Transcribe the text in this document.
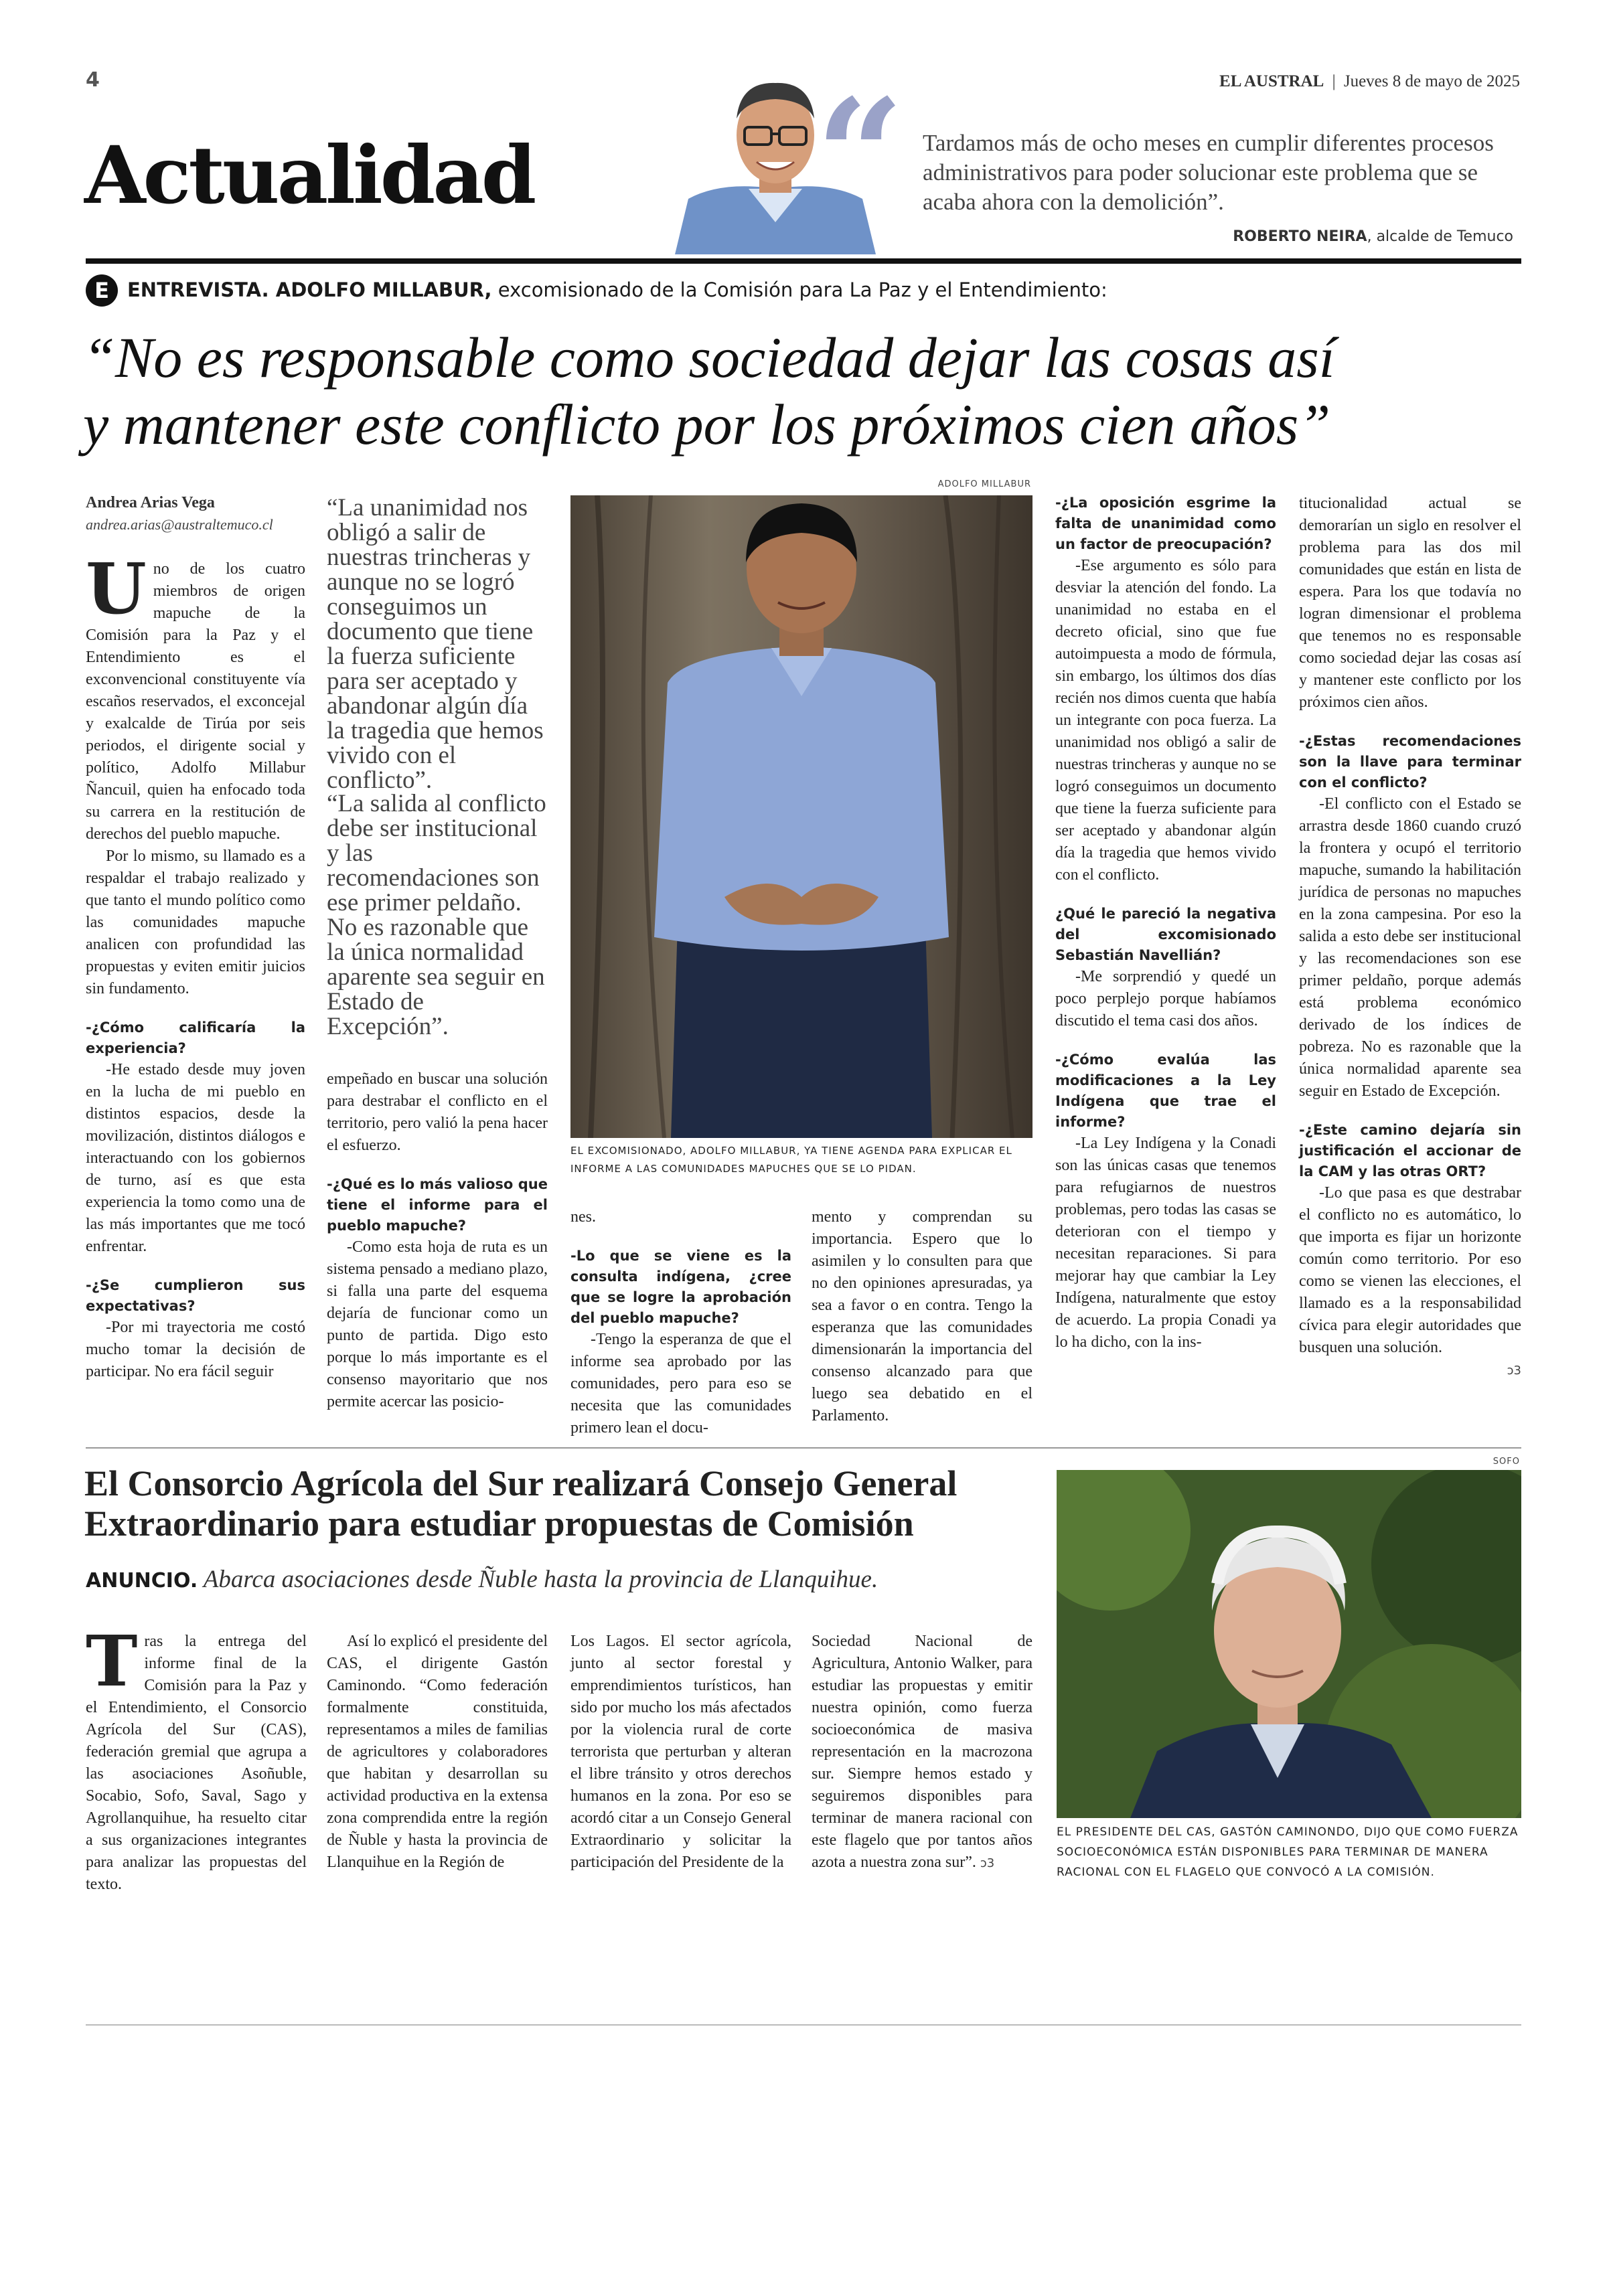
4	EL AUSTRAL | Jueves 8 de mayo de 2025
Actualidad “ Tardamos más de ocho meses en cumplir diferentes procesos administrativos para poder solucionar este problema que se acaba ahora con la demolición”.
ROBERTO NEIRA, alcalde de Temuco
E ENTREVISTA. ADOLFO MILLABUR, excomisionado de la Comisión para La Paz y el Entendimiento:
“No es responsable como sociedad dejar las cosas así
y mantener este conflicto por los próximos cien años”
Andrea Arias Vega
andrea.arias@australtemuco.cl

Uno de los cuatro miembros de origen mapuche de la Comisión para la Paz y el Entendimiento es el exconvencional constituyente vía escaños reservados, el exconcejal y exalcalde de Tirúa por seis periodos, el dirigente social y político, Adolfo Millabur Ñancuil, quien ha enfocado toda su carrera en la restitución de derechos del pueblo mapuche.

Por lo mismo, su llamado es a respaldar el trabajo realizado y que tanto el mundo político como las comunidades mapuche analicen con profundidad las propuestas y eviten emitir juicios sin fundamento.

-¿Cómo calificaría la experiencia?

-He estado desde muy joven en la lucha de mi pueblo en distintos espacios, desde la movilización, distintos diálogos e interactuando con los gobiernos de turno, así es que esta experiencia la tomo como una de las más importantes que me tocó enfrentar.

-¿Se cumplieron sus expectativas?

-Por mi trayectoria me costó mucho tomar la decisión de participar. No era fácil seguir

“La unanimidad nos obligó a salir de nuestras trincheras y aunque no se logró conseguimos un documento que tiene la fuerza suficiente para ser aceptado y abandonar algún día la tragedia que hemos vivido con el conflicto”.
“La salida al conflicto debe ser institucional y las recomendaciones son ese primer peldaño. No es razonable que la única normalidad aparente sea seguir en Estado de Excepción”.

empeñado en buscar una solución para destrabar el conflicto en el territorio, pero valió la pena hacer el esfuerzo.

-¿Qué es lo más valioso que tiene el informe para el pueblo mapuche?

-Como esta hoja de ruta es un sistema pensado a mediano plazo, si falla una parte del esquema dejaría de funcionar como un punto de partida. Digo esto porque lo más importante es el consenso mayoritario que nos permite acercar las posicio-

ADOLFO MILLABUR
EL EXCOMISIONADO, ADOLFO MILLABUR, YA TIENE AGENDA PARA EXPLICAR EL INFORME A LAS COMUNIDADES MAPUCHES QUE SE LO PIDAN.

nes.

-Lo que se viene es la consulta indígena, ¿cree que se logre la aprobación del pueblo mapuche?

-Tengo la esperanza de que el informe sea aprobado por las comunidades, pero para eso se necesita que las comunidades primero lean el docu-

mento y comprendan su importancia. Espero que lo asimilen y lo consulten para que no den opiniones apresuradas, ya sea a favor o en contra. Tengo la esperanza que las comunidades dimensionarán la importancia del consenso alcanzado para que luego sea debatido en el Parlamento.

-¿La oposición esgrime la falta de unanimidad como un factor de preocupación?

-Ese argumento es sólo para desviar la atención del fondo. La unanimidad no estaba en el decreto oficial, sino que fue autoimpuesta a modo de fórmula, sin embargo, los últimos dos días recién nos dimos cuenta que había un integrante con poca fuerza. La unanimidad nos obligó a salir de nuestras trincheras y aunque no se logró conseguimos un documento que tiene la fuerza suficiente para ser aceptado y abandonar algún día la tragedia que hemos vivido con el conflicto.

¿Qué le pareció la negativa del excomisionado Sebastián Navellián?

-Me sorprendió y quedé un poco perplejo porque habíamos discutido el tema casi dos años.

-¿Cómo evalúa las modificaciones a la Ley Indígena que trae el informe?

-La Ley Indígena y la Conadi son las únicas casas que tenemos para refugiarnos de nuestros problemas, pero todas las casas se deterioran con el tiempo y necesitan reparaciones. Si para mejorar hay que cambiar la Ley Indígena, naturalmente que estoy de acuerdo. La propia Conadi ya lo ha dicho, con la ins-

titucionalidad actual se demorarían un siglo en resolver el problema para las dos mil comunidades que están en lista de espera. Para los que todavía no logran dimensionar el problema que tenemos no es responsable como sociedad dejar las cosas así y mantener este conflicto por los próximos cien años.

-¿Estas recomendaciones son la llave para terminar con el conflicto?

-El conflicto con el Estado se arrastra desde 1860 cuando cruzó la frontera y ocupó el territorio mapuche, sumando la habilitación jurídica de personas no mapuches en la zona campesina. Por eso la salida a esto debe ser institucional y las recomendaciones son ese primer peldaño, porque además está problema económico derivado de los índices de pobreza. No es razonable que la única normalidad aparente sea seguir en Estado de Excepción.

-¿Este camino dejaría sin justificación el accionar de la CAM y las otras ORT?

-Lo que pasa es que destrabar el conflicto no es automático, lo que importa es fijar un horizonte común como territorio. Por eso como se vienen las elecciones, el llamado es a la responsabilidad cívica para elegir autoridades que busquen una solución.

ↄ3

El Consorcio Agrícola del Sur realizará Consejo General
Extraordinario para estudiar propuestas de Comisión
ANUNCIO. Abarca asociaciones desde Ñuble hasta la provincia de Llanquihue.

Tras la entrega del informe final de la Comisión para la Paz y el Entendimiento, el Consorcio Agrícola del Sur (CAS), federación gremial que agrupa a las asociaciones Asoñuble, Socabio, Sofo, Saval, Sago y Agrollanquihue, ha resuelto citar a sus organizaciones integrantes para analizar las propuestas del texto.

Así lo explicó el presidente del CAS, el dirigente Gastón Caminondo. “Como federación formalmente constituida, representamos a miles de familias de agricultores y colaboradores que habitan y desarrollan su actividad productiva en la extensa zona comprendida entre la región de Ñuble y hasta la provincia de Llanquihue en la Región de

Los Lagos. El sector agrícola, junto al sector forestal y emprendimientos turísticos, han sido por mucho los más afectados por la violencia rural de corte terrorista que perturban y alteran el libre tránsito y otros derechos humanos en la zona. Por eso se acordó citar a un Consejo General Extraordinario y solicitar la participación del Presidente de la

Sociedad Nacional de Agricultura, Antonio Walker, para estudiar las propuestas y emitir nuestra opinión, como fuerza socioeconómica de masiva representación en la macrozona sur. Siempre hemos estado y seguiremos disponibles para terminar de manera racional con este flagelo que por tantos años azota a nuestra zona sur”. ↄ3

SOFO
EL PRESIDENTE DEL CAS, GASTÓN CAMINONDO, DIJO QUE COMO FUERZA SOCIOECONÓMICA ESTÁN DISPONIBLES PARA TERMINAR DE MANERA RACIONAL CON EL FLAGELO QUE CONVOCÓ A LA COMISIÓN.
